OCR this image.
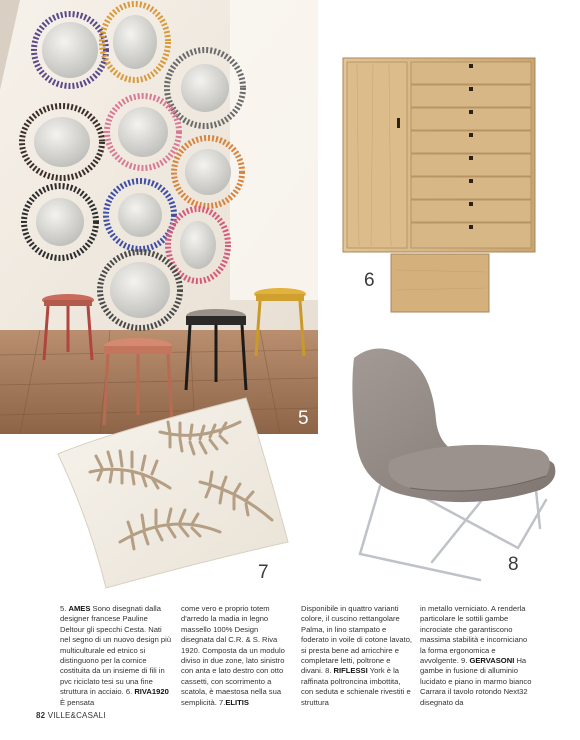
5
6
7	8

5. AMES Sono disegnati dalla designer francese Pauline Deltour gli specchi Cesta. Nati nel segno di un nuovo design più multiculturale ed etnico si distinguono per la cornice costituita da un insieme di fili in pvc riciclato tesi su una fine struttura in acciaio. 6. RIVA1920 È pensata

come vero e proprio totem d'arredo la madia in legno massello 100% Design disegnata dal C.R. & S. Riva 1920. Composta da un modulo diviso in due zone, lato sinistro con anta e lato destro con otto cassetti, con scorrimento a scatola, è maestosa nella sua semplicità. 7.ELITIS

Disponibile in quattro varianti colore, il cuscino rettangolare Palma, in lino stampato e foderato in voile di cotone lavato, si presta bene ad arricchire e completare letti, poltrone e divani. 8. RIFLESSI York è la raffinata poltroncina imbottita, con seduta e schienale rivestiti e struttura

in metallo verniciato. A renderla particolare le sottili gambe incrociate che garantiscono massima stabilità e incorniciano la forma ergonomica e avvolgente. 9. GERVASONI Ha gambe in fusione di alluminio lucidato e piano in marmo bianco Carrara il tavolo rotondo Next32 disegnato da

82 VILLE&CASALI
